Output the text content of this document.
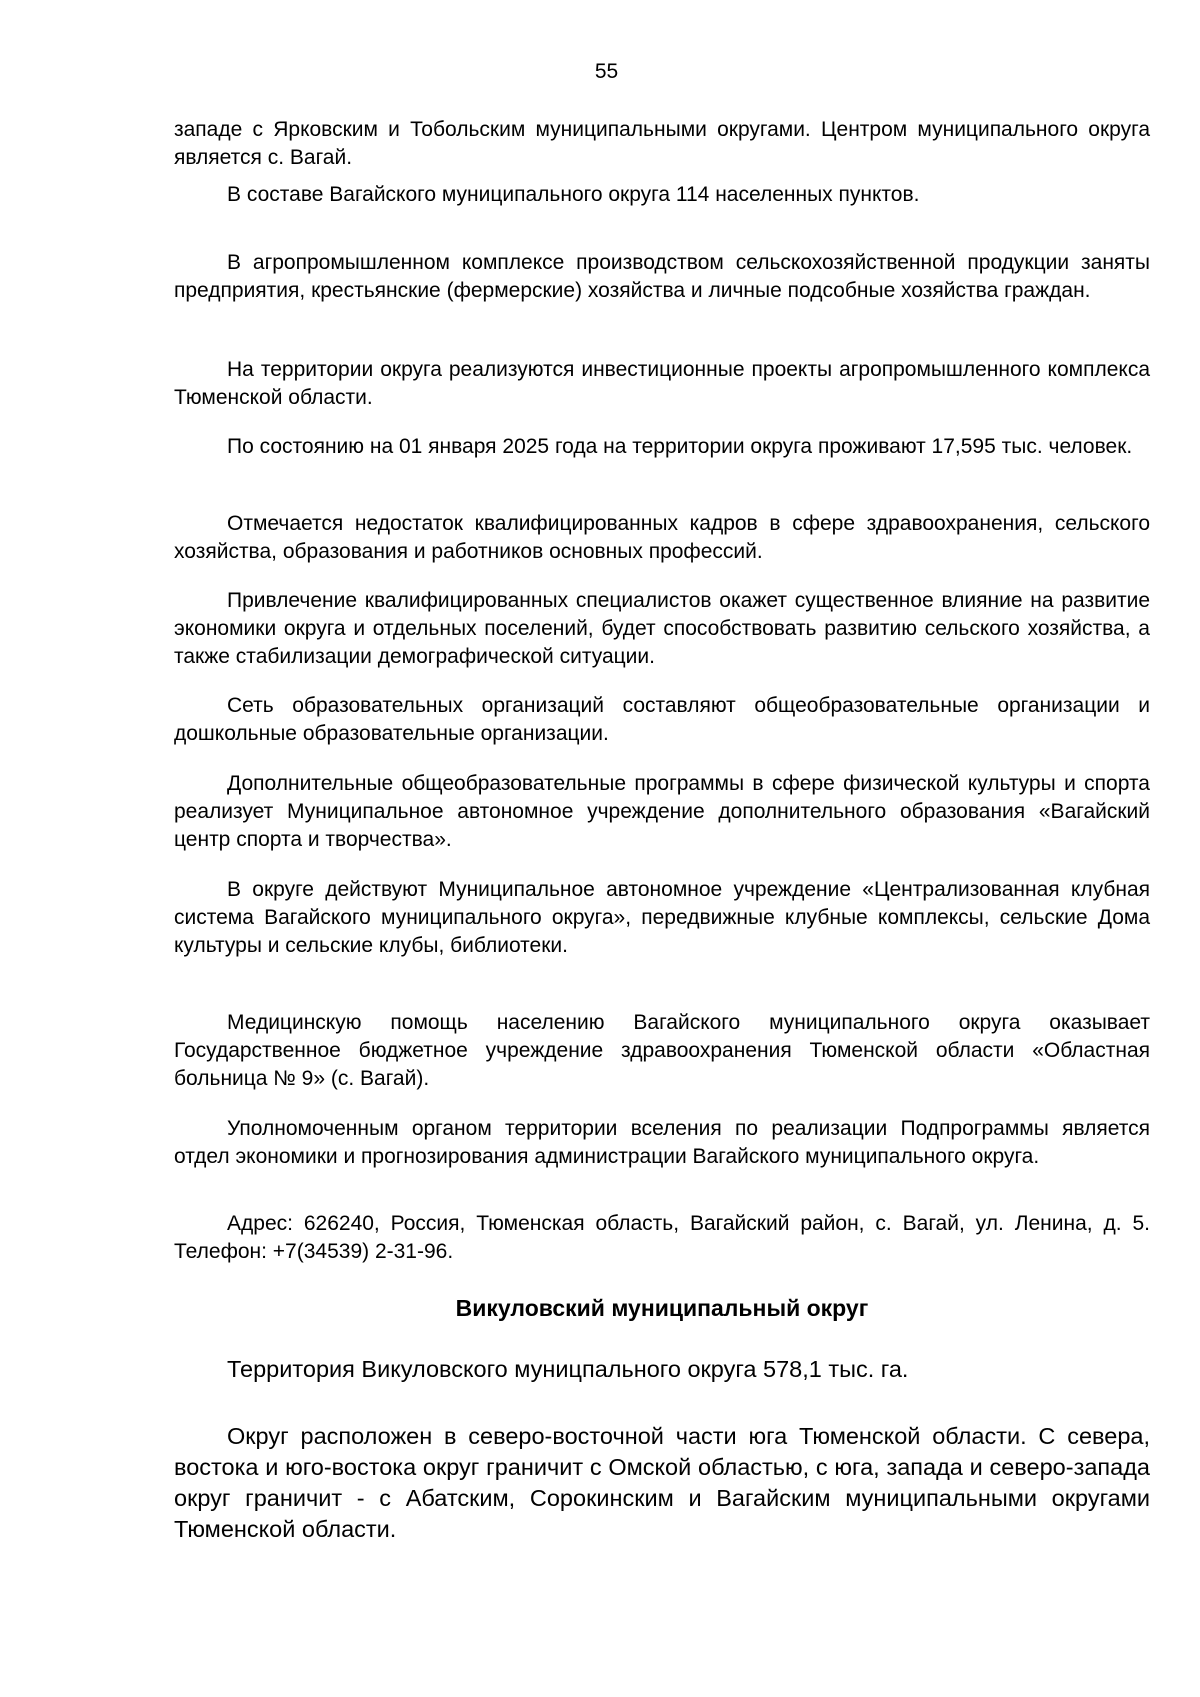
55

западе с Ярковским и Тобольским муниципальными округами. Центром муниципального округа является с. Вагай.

В составе Вагайского муниципального округа 114 населенных пунктов.

В агропромышленном комплексе производством сельскохозяйственной продукции заняты предприятия, крестьянские (фермерские) хозяйства и личные подсобные хозяйства граждан.

На территории округа реализуются инвестиционные проекты агропромышленного комплекса Тюменской области.

По состоянию на 01 января 2025 года на территории округа проживают 17,595 тыс. человек.

Отмечается недостаток квалифицированных кадров в сфере здравоохранения, сельского хозяйства, образования и работников основных профессий.

Привлечение квалифицированных специалистов окажет существенное влияние на развитие экономики округа и отдельных поселений, будет способствовать развитию сельского хозяйства, а также стабилизации демографической ситуации.

Сеть образовательных организаций составляют общеобразовательные организации и дошкольные образовательные организации.

Дополнительные общеобразовательные программы в сфере физической культуры и спорта реализует Муниципальное автономное учреждение дополнительного образования «Вагайский центр спорта и творчества».

В округе действуют Муниципальное автономное учреждение «Централизованная клубная система Вагайского муниципального округа», передвижные клубные комплексы, сельские Дома культуры и сельские клубы, библиотеки.

Медицинскую помощь населению Вагайского муниципального округа оказывает Государственное бюджетное учреждение здравоохранения Тюменской области «Областная больница № 9» (с. Вагай).

Уполномоченным органом территории вселения по реализации Подпрограммы является отдел экономики и прогнозирования администрации Вагайского муниципального округа.

Адрес: 626240, Россия, Тюменская область, Вагайский район, с. Вагай, ул. Ленина, д. 5. Телефон: +7(34539) 2-31-96.

Викуловский муниципальный округ

Территория Викуловского муницпального округа 578,1 тыс. га.

Округ расположен в северо-восточной части юга Тюменской области. С севера, востока и юго-востока округ граничит с Омской областью, с юга, запада и северо-запада округ граничит - с Абатским, Сорокинским и Вагайским муниципальными округами Тюменской области.
